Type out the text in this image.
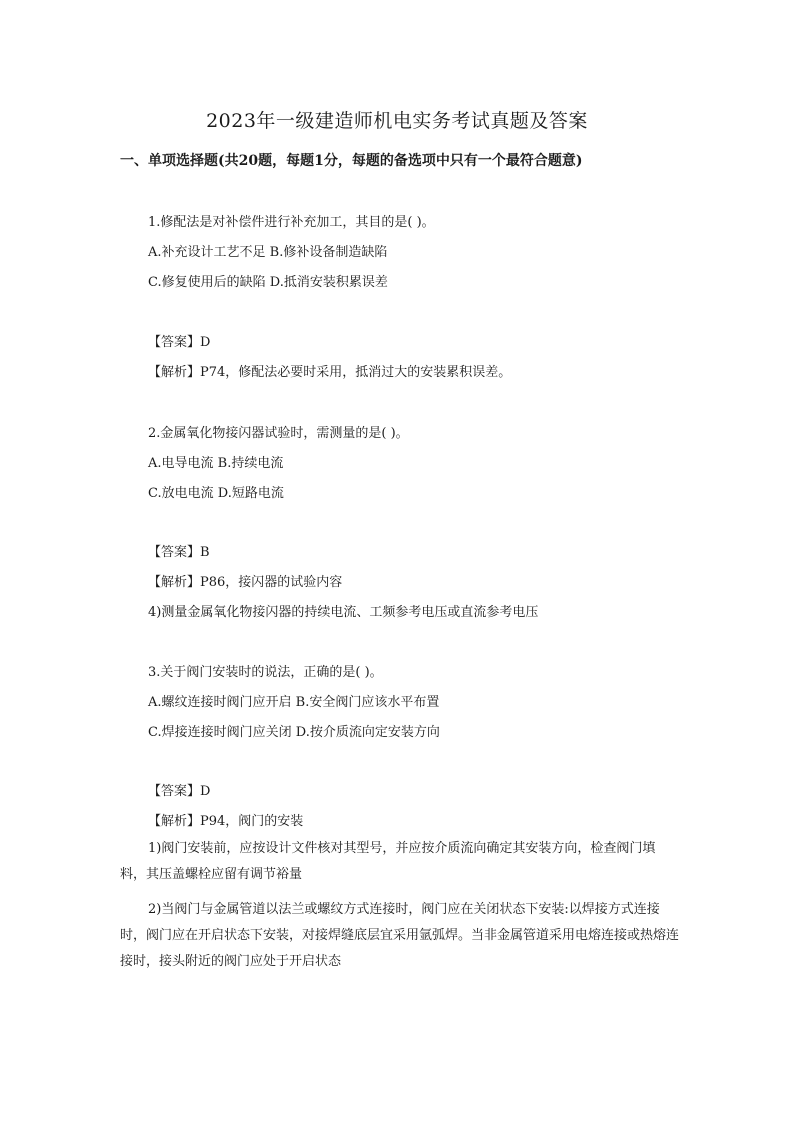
2023年一级建造师机电实务考试真题及答案
一、单项选择题(共20题，每题1分，每题的备选项中只有一个最符合题意)
1.修配法是对补偿件进行补充加工，其目的是( )。
A.补充设计工艺不足 B.修补设备制造缺陷
C.修复使用后的缺陷 D.抵消安装积累误差
【答案】D
【解析】P74，修配法必要时采用，抵消过大的安装累积误差。
2.金属氧化物接闪器试验时，需测量的是( )。
A.电导电流 B.持续电流
C.放电电流 D.短路电流
【答案】B
【解析】P86，接闪器的试验内容
4)测量金属氧化物接闪器的持续电流、工频参考电压或直流参考电压
3.关于阀门安装时的说法，正确的是( )。
A.螺纹连接时阀门应开启 B.安全阀门应该水平布置
C.焊接连接时阀门应关闭 D.按介质流向定安装方向
【答案】D
【解析】P94，阀门的安装
1)阀门安装前，应按设计文件核对其型号，并应按介质流向确定其安装方向，检查阀门填料，其压盖螺栓应留有调节裕量
2)当阀门与金属管道以法兰或螺纹方式连接时，阀门应在关闭状态下安装:以焊接方式连接时，阀门应在开启状态下安装，对接焊缝底层宜采用氩弧焊。当非金属管道采用电熔连接或热熔连接时，接头附近的阀门应处于开启状态
